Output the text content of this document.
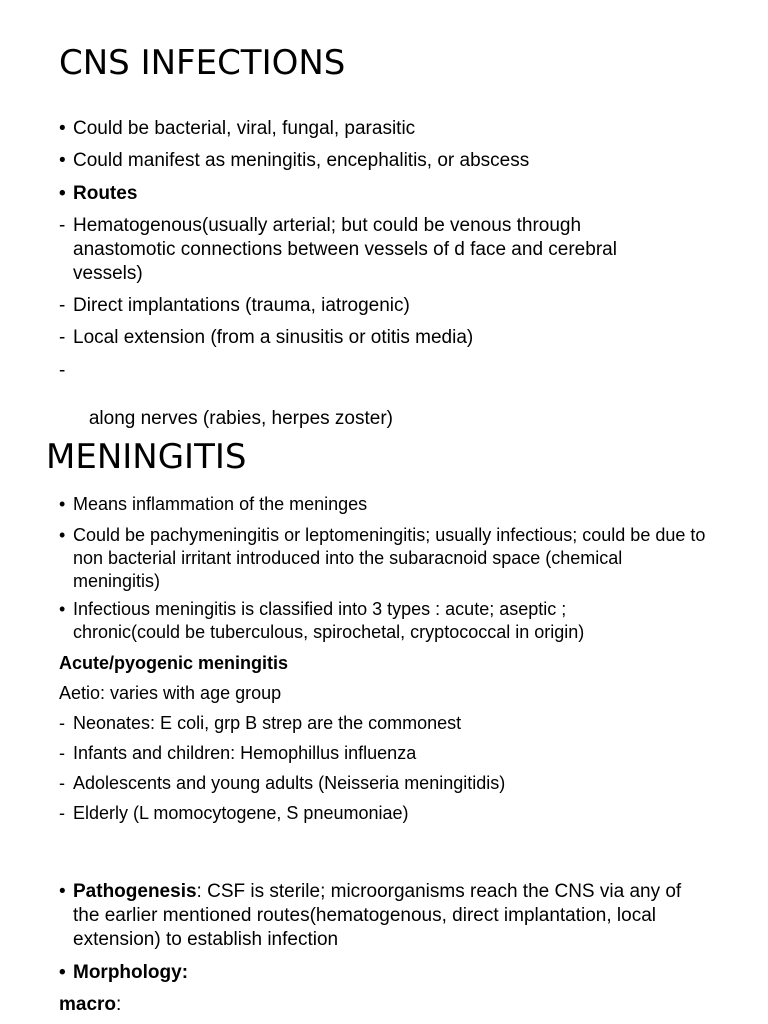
CNS INFECTIONS
• Could be bacterial, viral, fungal, parasitic
• Could manifest as meningitis, encephalitis, or abscess
• Routes
- Hematogenous(usually arterial; but could be venous through anastomotic connections between vessels of d face and cerebral vessels)
- Direct implantations (trauma, iatrogenic)
- Local extension (from a sinusitis or otitis media)

-

along nerves (rabies, herpes zoster)

MENINGITIS
• Means inflammation of the meninges
• Could be pachymeningitis or leptomeningitis; usually infectious; could be due to non bacterial irritant introduced into the subaracnoid space (chemical meningitis)
• Infectious meningitis is classified into 3 types : acute; aseptic ; chronic(could be tuberculous, spirochetal, cryptococcal in origin)
Acute/pyogenic meningitis
Aetio: varies with age group
- Neonates: E coli, grp B strep are the commonest
- Infants and children: Hemophillus influenza
- Adolescents and young adults (Neisseria meningitidis)
- Elderly (L momocytogene, S pneumoniae)
• Pathogenesis: CSF is sterile; microorganisms reach the CNS via any of the earlier mentioned routes(hematogenous, direct implantation, local extension) to establish infection
• Morphology:
macro:
